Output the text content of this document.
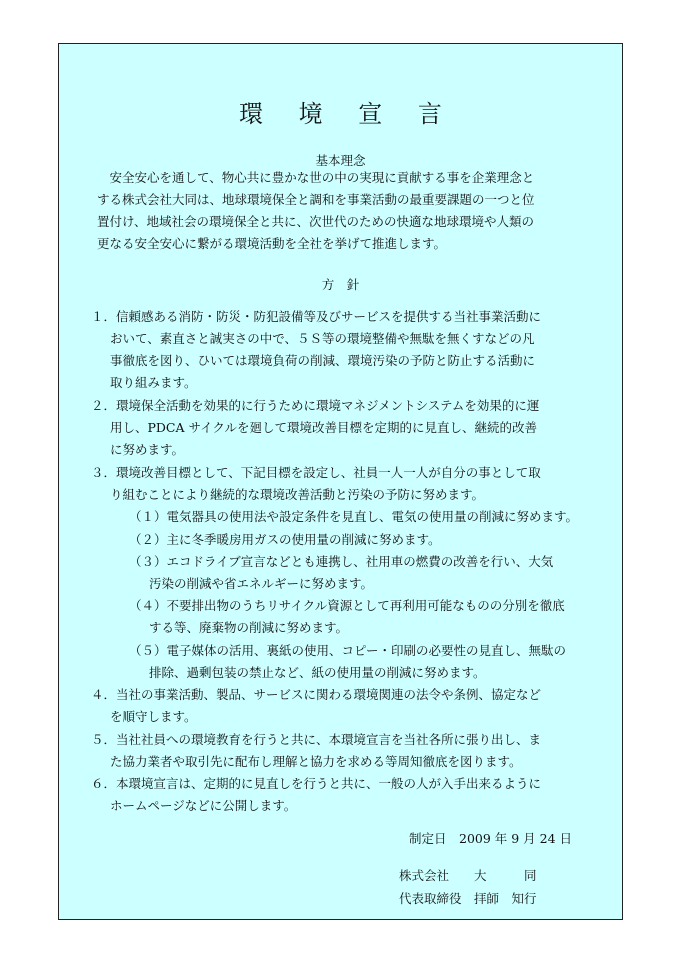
環 境 宣 言
基本理念
　安全安心を通して、物心共に豊かな世の中の実現に貢献する事を企業理念と
する株式会社大同は、地球環境保全と調和を事業活動の最重要課題の一つと位
置付け、地域社会の環境保全と共に、次世代のための快適な地球環境や人類の
更なる安全安心に繋がる環境活動を全社を挙げて推進します。
方　針
１．信頼感ある消防・防災・防犯設備等及びサービスを提供する当社事業活動に
おいて、素直さと誠実さの中で、５Ｓ等の環境整備や無駄を無くすなどの凡
事徹底を図り、ひいては環境負荷の削減、環境汚染の予防と防止する活動に
取り組みます。
２．環境保全活動を効果的に行うために環境マネジメントシステムを効果的に運
用し、PDCA サイクルを廻して環境改善目標を定期的に見直し、継続的改善
に努めます。
３．環境改善目標として、下記目標を設定し、社員一人一人が自分の事として取
り組むことにより継続的な環境改善活動と汚染の予防に努めます。
（１）電気器具の使用法や設定条件を見直し、電気の使用量の削減に努めます。
（２）主に冬季暖房用ガスの使用量の削減に努めます。
（３）エコドライブ宣言などとも連携し、社用車の燃費の改善を行い、大気
汚染の削減や省エネルギーに努めます。
（４）不要排出物のうちリサイクル資源として再利用可能なものの分別を徹底
する等、廃棄物の削減に努めます。
（５）電子媒体の活用、裏紙の使用、コピー・印刷の必要性の見直し、無駄の
排除、過剰包装の禁止など、紙の使用量の削減に努めます。
４．当社の事業活動、製品、サービスに関わる環境関連の法令や条例、協定など
を順守します。
５．当社社員への環境教育を行うと共に、本環境宣言を当社各所に張り出し、ま
た協力業者や取引先に配布し理解と協力を求める等周知徹底を図ります。
６．本環境宣言は、定期的に見直しを行うと共に、一般の人が入手出来るように
ホームページなどに公開します。
制定日　2009 年 9 月 24 日
株式会社　　大　　　同
代表取締役　拝師　知行
